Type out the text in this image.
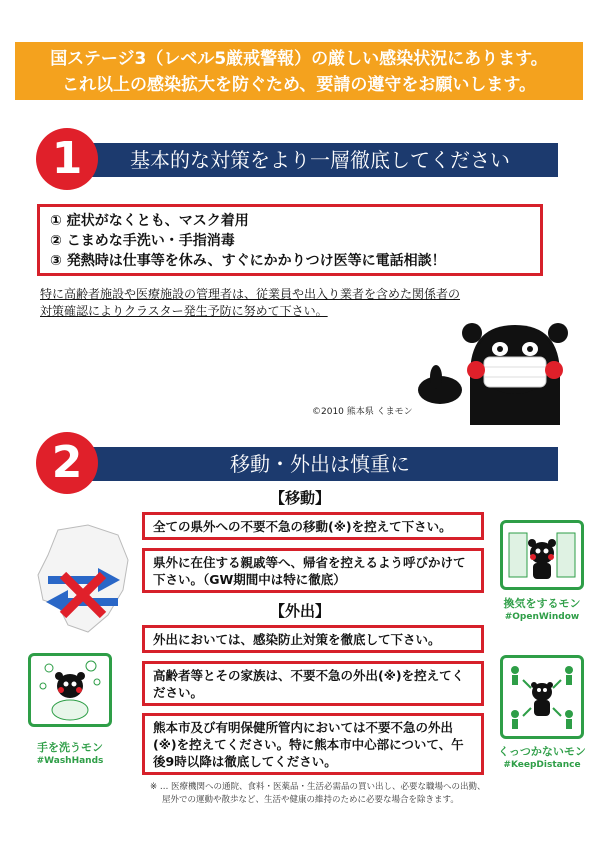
国ステージ3（レベル5厳戒警報）の厳しい感染状況にあります。
これ以上の感染拡大を防ぐため、要請の遵守をお願いします。
基本的な対策をより一層徹底してください
1
① 症状がなくとも、マスク着用
② こまめな手洗い・手指消毒
③ 発熱時は仕事等を休み、すぐにかかりつけ医等に電話相談！
特に高齢者施設や医療施設の管理者は、従業員や出入り業者を含めた関係者の
対策確認によりクラスター発生予防に努めて下さい。
©2010 熊本県 くまモン
移動・外出は慎重に
2
【移動】
全ての県外への不要不急の移動(※)を控えて下さい。
県外に在住する親戚等へ、帰省を控えるよう呼びかけて下さい。（GW期間中は特に徹底）
【外出】
外出においては、感染防止対策を徹底して下さい。
高齢者等とその家族は、不要不急の外出(※)を控えてください。
熊本市及び有明保健所管内においては不要不急の外出(※)を控えてください。特に熊本市中心部について、午後9時以降は徹底してください。
換気をするモン
#OpenWindow
手を洗うモン
#WashHands
くっつかないモン
#KeepDistance
※ … 医療機関への通院、食料・医薬品・生活必需品の買い出し、必要な職場への出勤、
屋外での運動や散歩など、生活や健康の維持のために必要な場合を除きます。
